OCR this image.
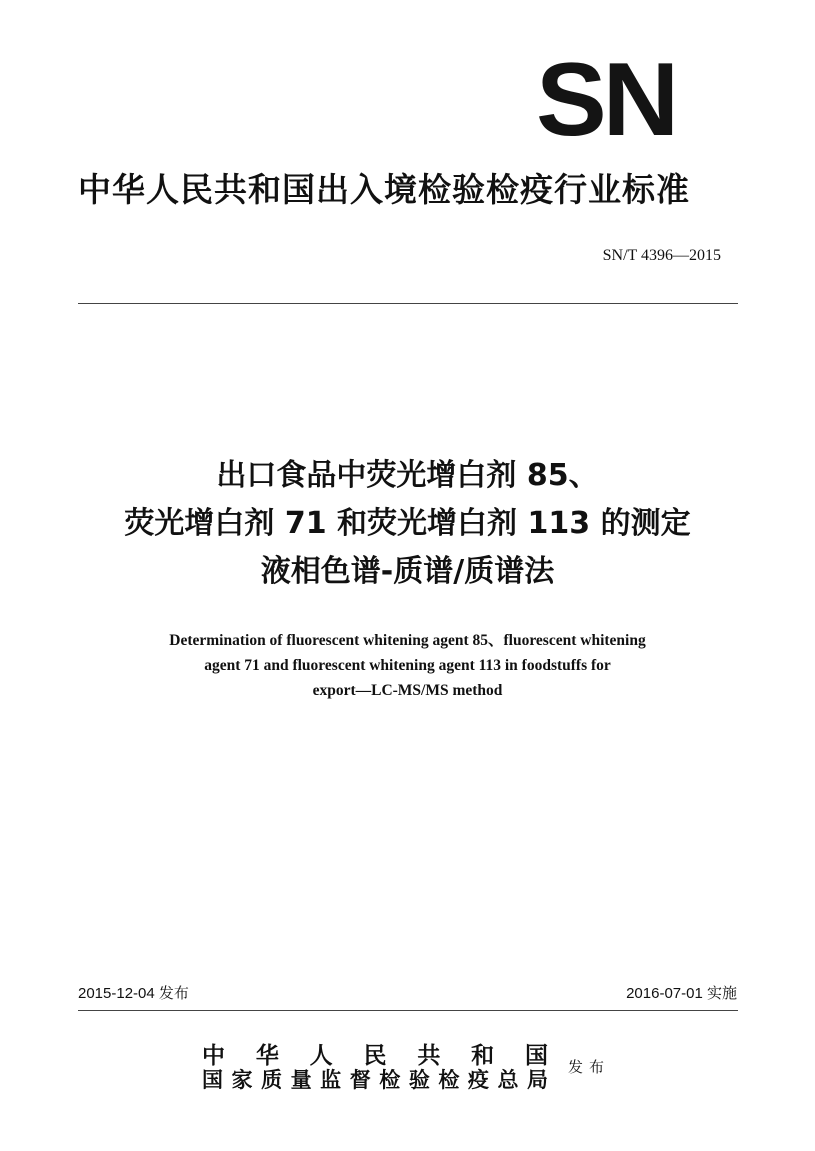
SN
中华人民共和国出入境检验检疫行业标准
SN/T 4396—2015
出口食品中荧光增白剂 85、
荧光增白剂 71 和荧光增白剂 113 的测定
液相色谱-质谱/质谱法
Determination of fluorescent whitening agent 85、fluorescent whitening
agent 71 and fluorescent whitening agent 113 in foodstuffs for
export—LC-MS/MS method
2015-12-04 发布	2016-07-01 实施
中 华 人 民 共 和 国
国家质量监督检验检疫总局 发布
